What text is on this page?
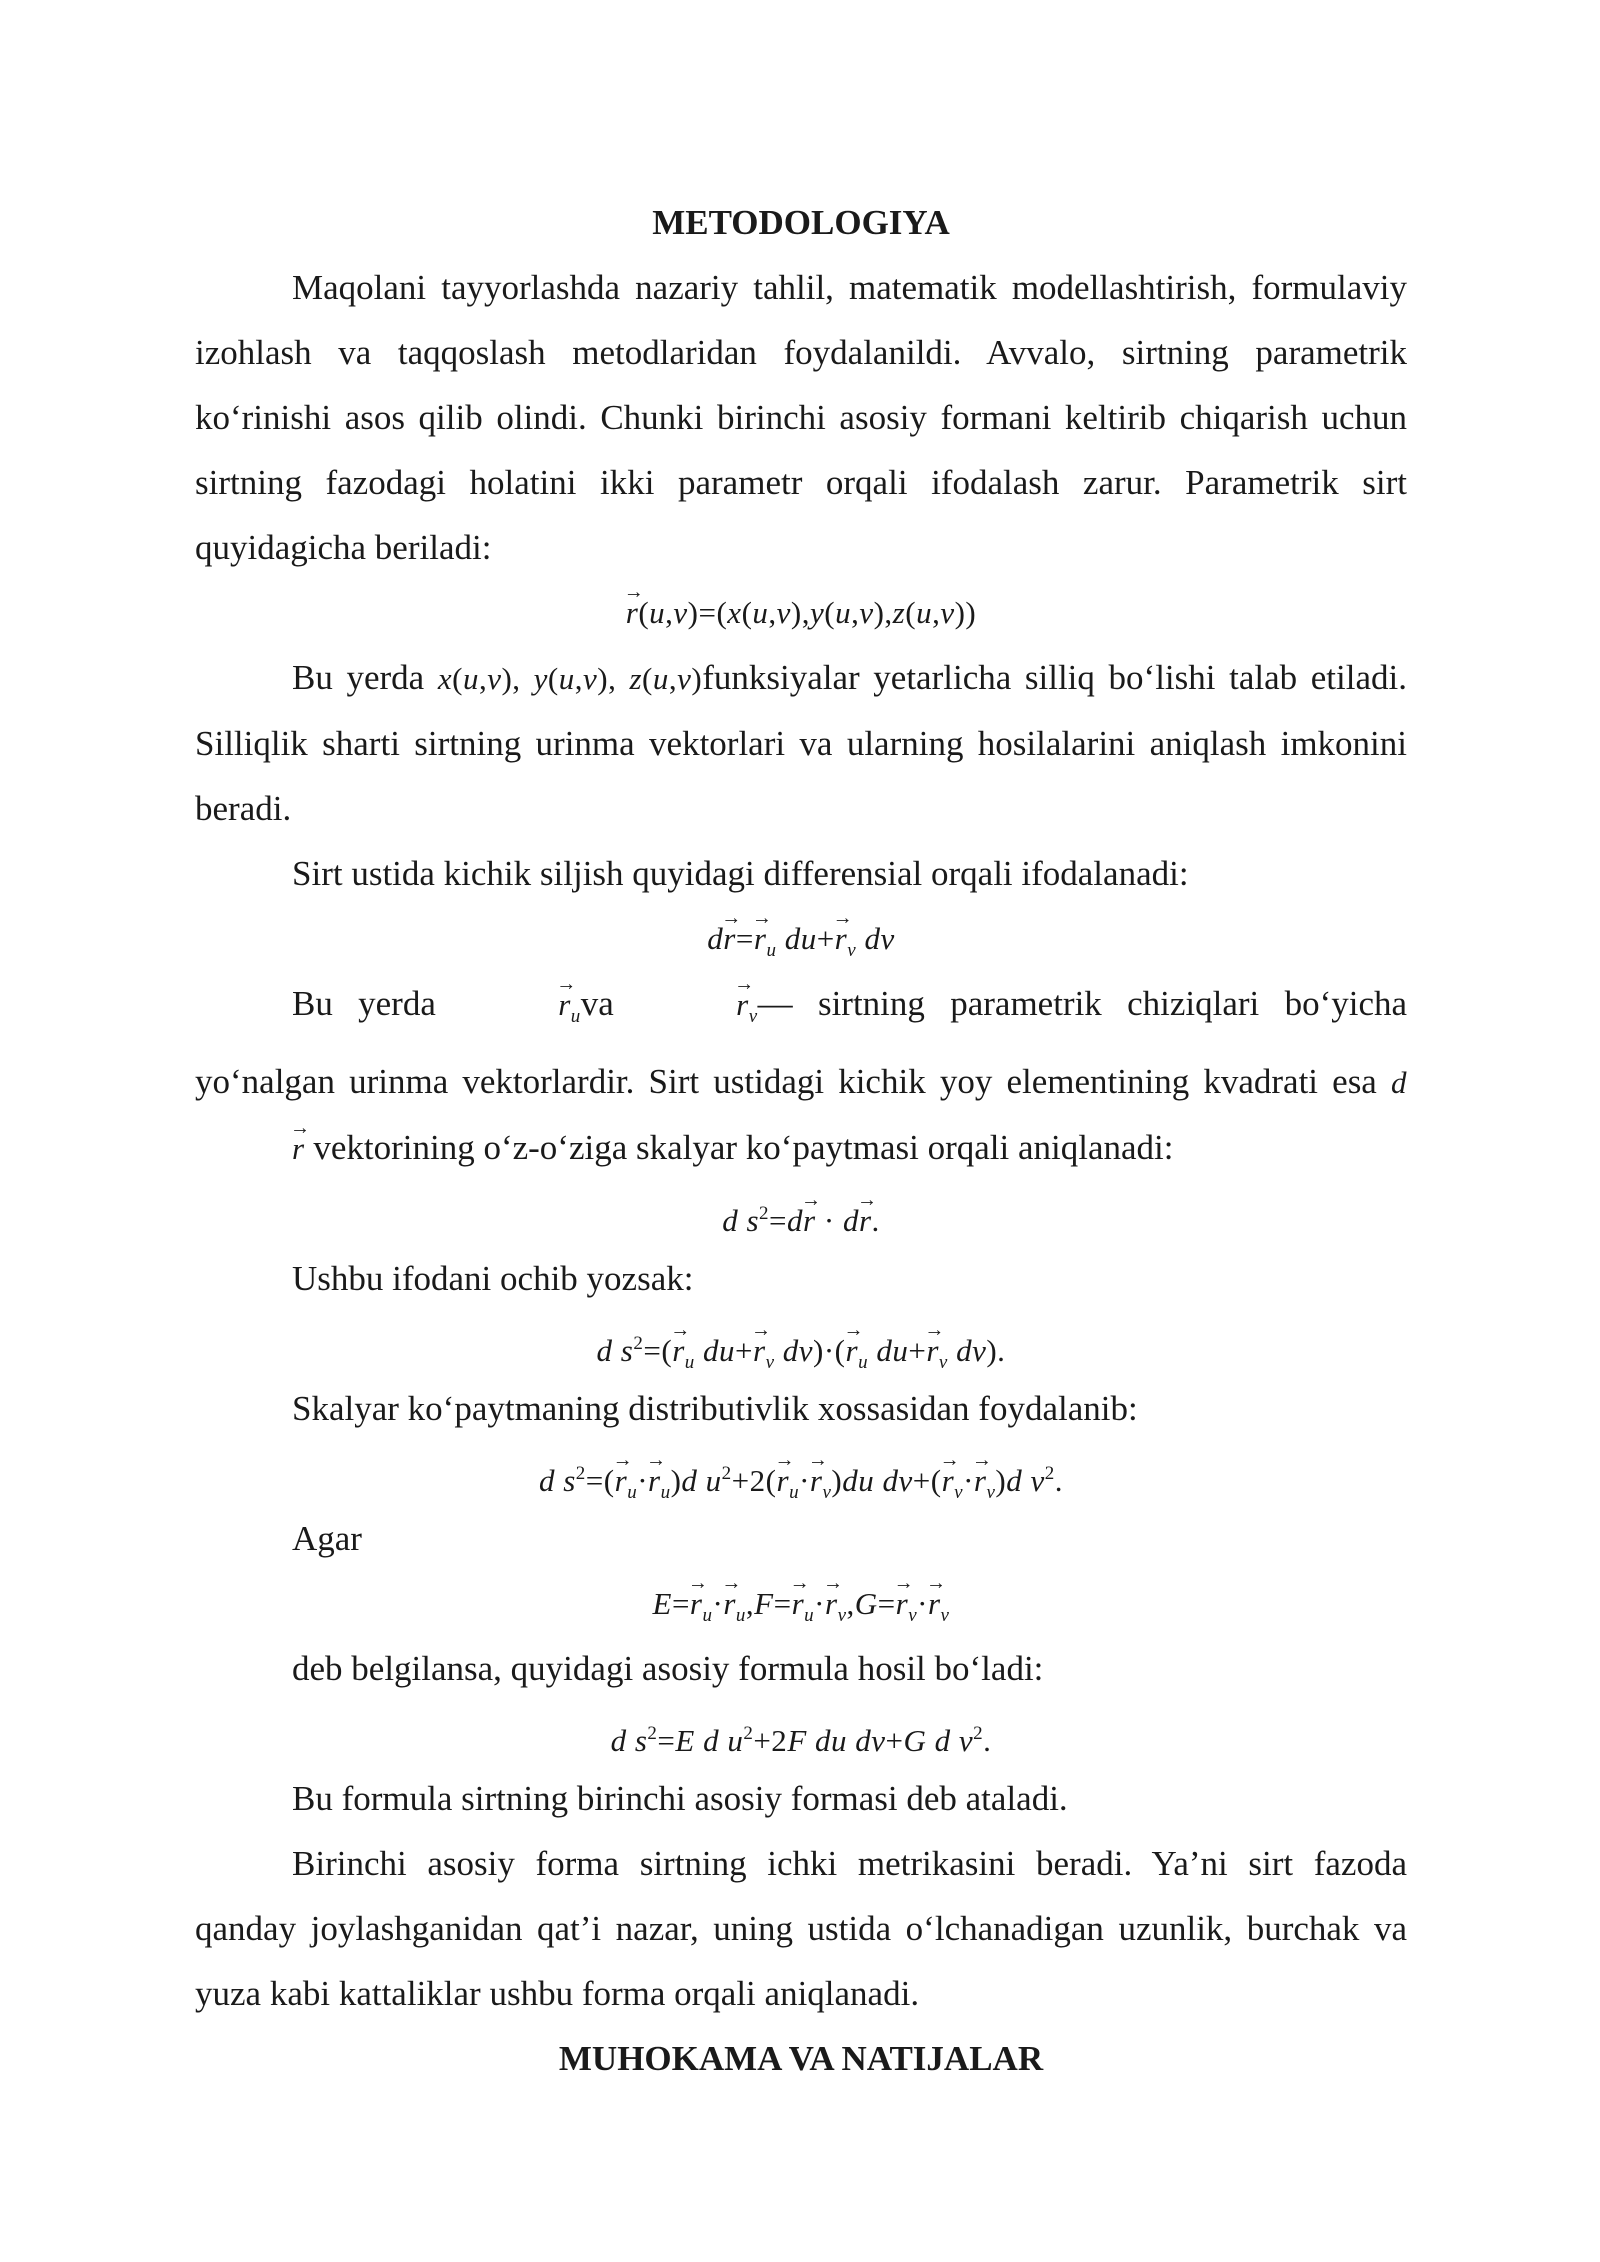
METODOLOGIYA

Maqolani tayyorlashda nazariy tahlil, matematik modellashtirish, formulaviy izohlash va taqqoslash metodlaridan foydalanildi. Avvalo, sirtning parametrik ko‘rinishi asos qilib olindi. Chunki birinchi asosiy formani keltirib chiqarish uchun sirtning fazodagi holatini ikki parametr orqali ifodalash zarur. Parametrik sirt quyidagicha beriladi:

→ r(u,v)=(x(u,v),y(u,v),z(u,v))

Bu yerda x(u,v), y(u,v), z(u,v)funksiyalar yetarlicha silliq bo‘lishi talab etiladi. Silliqlik sharti sirtning urinma vektorlari va ularning hosilalarini aniqlash imkonini beradi.

Sirt ustida kichik siljish quyidagi differensial orqali ifodalanadi:

$d\to r=\to r_u$ $du+\to r_v$ dv

Bu yerda	→ $r_uva$	→ $r_v—$ sirtning parametrik chiziqlari bo‘yicha yo‘nalgan urinma vektorlardir. Sirt ustidagi kichik yoy elementining kvadrati esa d→ r vektorining o‘z-o‘ziga skalyar ko‘paytmasi orqali aniqlanadi:

d $s^2=d\to r \cdot d\to r$.

Ushbu ifodani ochib yozsak:

d $s^2=(\to r_u$ $du+\to r_v$ $dv)\cdot(\to r_u$ $du+\to r_v$ dv).

Skalyar ko‘paytmaning distributivlik xossasidan foydalanib:

d $s^2=(\to r_u\cdot\to r_u)d$ $u^2+2(\to r_u\cdot\to r_v)du$ $dv+(\to r_v\cdot\to r_v)d$ $v^2$.

Agar

$E=\to r_u\cdot\to r_u,F=\to r_u\cdot\to r_v,G=\to r_v\cdot\to r_v$

deb belgilansa, quyidagi asosiy formula hosil bo‘ladi:

d $s^2=E$ d $u^2+2F$ du dv+G d $v^2$.

Bu formula sirtning birinchi asosiy formasi deb ataladi.

Birinchi asosiy forma sirtning ichki metrikasini beradi. Ya’ni sirt fazoda qanday joylashganidan qat’i nazar, uning ustida o‘lchanadigan uzunlik, burchak va yuza kabi kattaliklar ushbu forma orqali aniqlanadi.

MUHOKAMA VA NATIJALAR
